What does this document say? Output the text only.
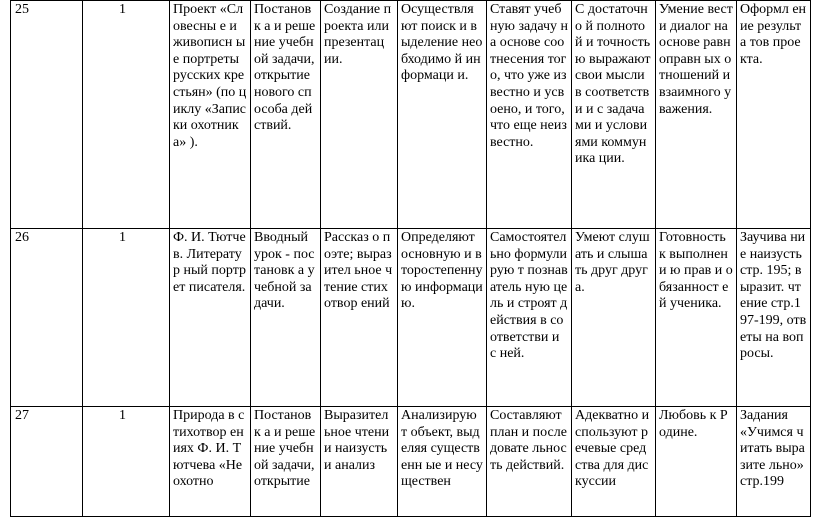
25	1	Проект «Словесны е и живописн ые портреты русских крестьян» (по циклу «Записки охотника» ).	Постановк а и решение учебной задачи, открытие нового способа действий.	Создание проекта или презентац ии.	Осуществля ют поиск и выделение необходимо й информаци и.	Ставят учебную задачу на основе соотнесения того, что уже известно и усвоено, и того, что еще неизвестно.	С достаточно й полнотой и точностью выражают свои мысли в соответстви и с задачами и условиями коммуника ции.	Умение вести диалог на основе равноправн ых отношений и взаимного уважения.	Оформл ение результа тов проекта.
26	1	Ф. И. Тютчев. Литератур ный портрет писателя.	Вводный урок - постановк а учебной задачи.	Рассказ о поэте; выразител ьное чтение стихотвор ений	Определяют основную и второстепенну ю информацию.	Самостоятел ьно формулирую т познаватель ную цель и строят действия в соответстви и с ней.	Умеют слушать и слышать друг друга.	Готовность к выполнени ю прав и обязанност ей ученика.	Заучива ние наизусть стр. 195; выразит. чтение стр.197-199, ответы на вопросы.
27	1	Природа в стихотвор ениях Ф. И. Тютчева «Неохотно	Постановк а и решение учебной задачи, открытие	Выразител ьное чтении наизусть и анализ	Анализирую т объект, выделяя существенн ые и несуществен	Составляют план и последовате льность действий.	Адекватно используют речевые средства для дискуссии	Любовь к Родине.	Задания «Учимся читать выразите льно» стр.199
